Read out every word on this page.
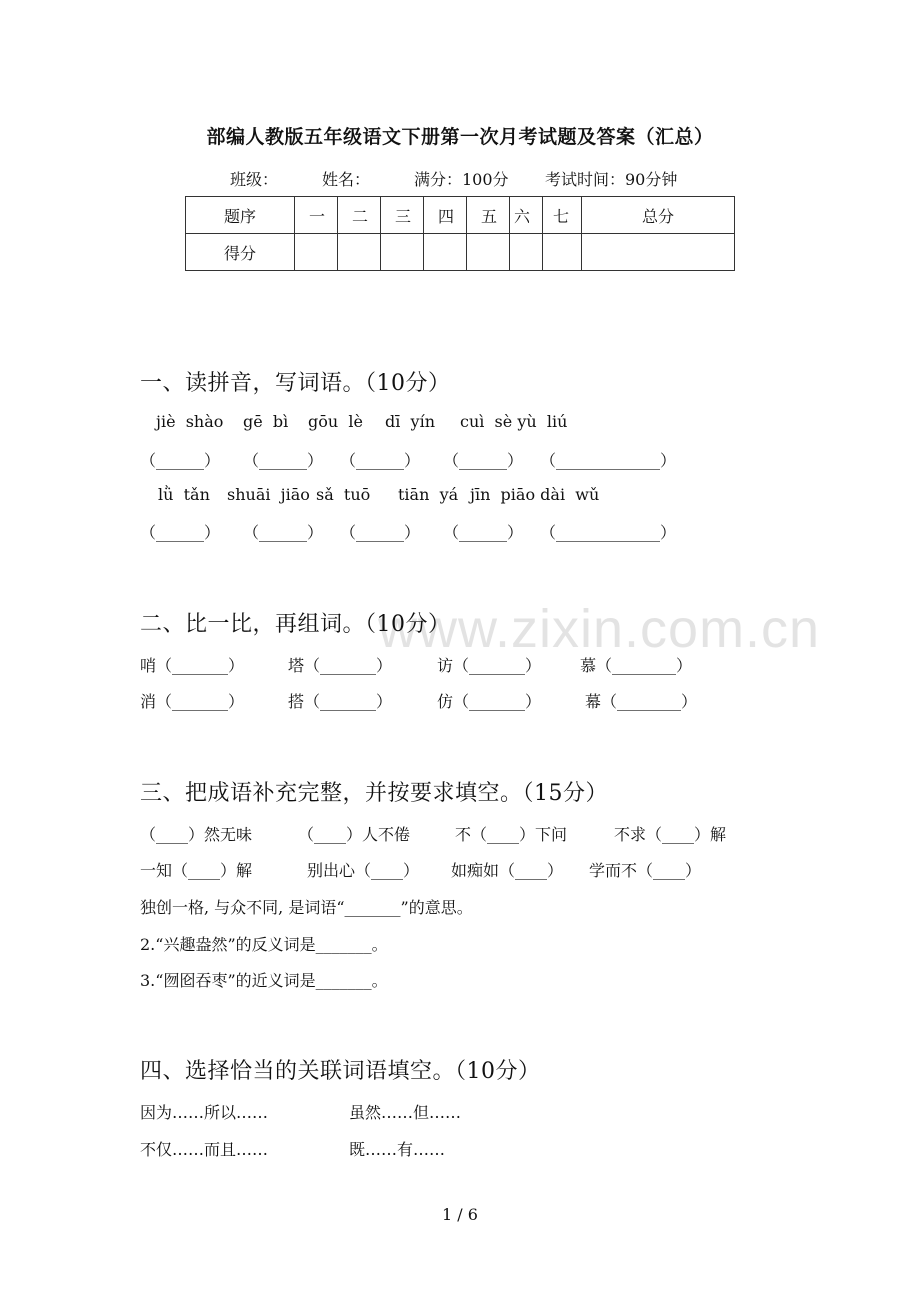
www.zixin.com.cn
部编人教版五年级语文下册第一次月考试题及答案（汇总）
班级：	姓名：	满分：100分 考试时间：90分钟
题序	一	二	三	四	五	六	七	总分
得分								
一、读拼音，写词语。（10分）
jiè  shào gē  bì gōu  lè dī  yín cuì  sè yù  liú
（______） （______） （______） （______） （_____________）
lǜ  tǎn shuāi  jiāo sǎ  tuō tiān  yá jīn  piāo dài  wǔ
（______） （______） （______） （______） （_____________）
二、比一比，再组词。（10分）
哨（_______）	塔（_______）	访（_______） 慕（________）
消（_______）	搭（_______）	仿（_______）	幕（________）
三、把成语补充完整，并按要求填空。（15分）
（____）然无味	（____）人不倦	不（____）下问	不求（____）解
一知（____）解	别出心（____） 如痴如（____） 学而不（____）
独创一格, 与众不同, 是词语“_______”的意思。
2.“兴趣盎然”的反义词是_______。
3.“囫囵吞枣”的近义词是_______。
四、选择恰当的关联词语填空。（10分）
因为……所以……	虽然……但……
不仅……而且……	既……有……
1 / 6
